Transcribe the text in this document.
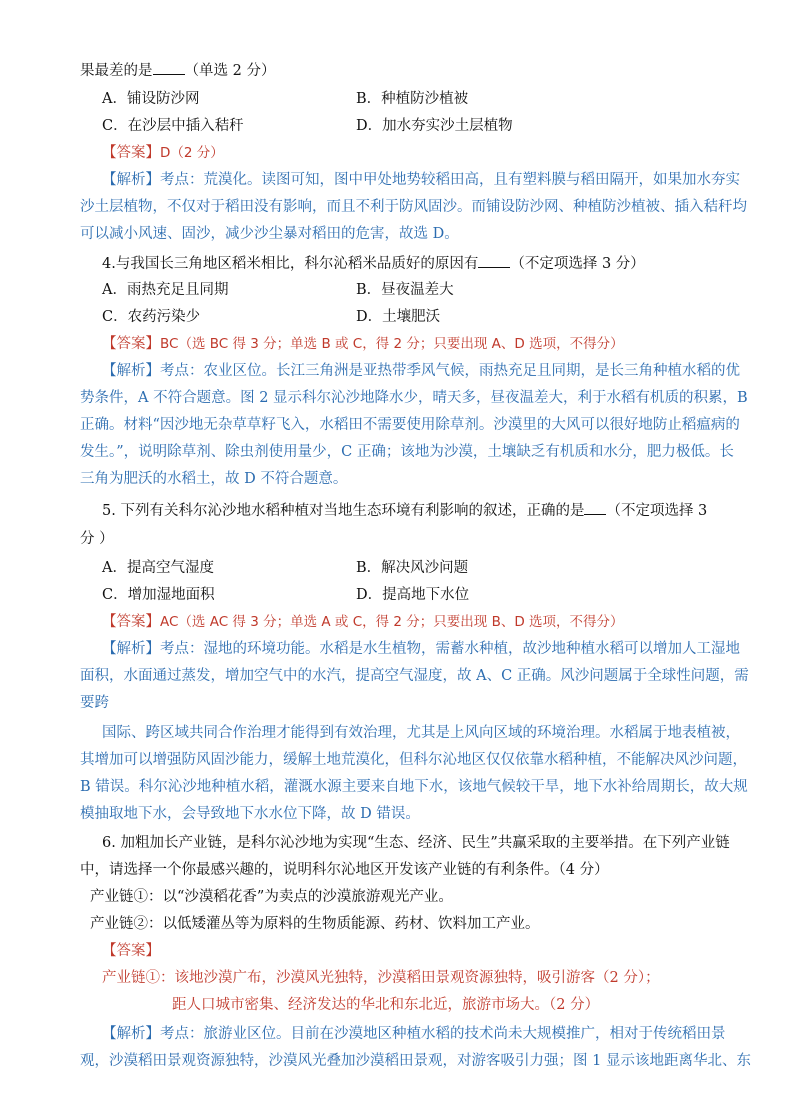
果最差的是 （单选 2 分）
A．铺设防沙网	B．种植防沙植被
C．在沙层中插入秸秆	D．加水夯实沙土层植物
【答案】D（2 分）
【解析】考点：荒漠化。读图可知，图中甲处地势较稻田高，且有塑料膜与稻田隔开，如果加水夯实
沙土层植物，不仅对于稻田没有影响，而且不利于防风固沙。而铺设防沙网、种植防沙植被、插入秸秆均
可以减小风速、固沙，减少沙尘暴对稻田的危害，故选 D。
4.与我国长三角地区稻米相比，科尔沁稻米品质好的原因有 （不定项选择 3 分）
A．雨热充足且同期	B．昼夜温差大
C．农药污染少	D．土壤肥沃
【答案】BC（选 BC 得 3 分；单选 B 或 C，得 2 分；只要出现 A、D 选项，不得分）
【解析】考点：农业区位。长江三角洲是亚热带季风气候，雨热充足且同期，是长三角种植水稻的优
势条件，A 不符合题意。图 2 显示科尔沁沙地降水少，晴天多，昼夜温差大，利于水稻有机质的积累，B
正确。材料“因沙地无杂草草籽飞入，水稻田不需要使用除草剂。沙漠里的大风可以很好地防止稻瘟病的
发生。”，说明除草剂、除虫剂使用量少，C 正确；该地为沙漠，土壤缺乏有机质和水分，肥力极低。长
三角为肥沃的水稻土，故 D 不符合题意。
5. 下列有关科尔沁沙地水稻种植对当地生态环境有利影响的叙述，正确的是 （不定项选择 3
分 ）
A．提高空气湿度	B．解决风沙问题
C．增加湿地面积	D．提高地下水位
【答案】AC（选 AC 得 3 分；单选 A 或 C，得 2 分；只要出现 B、D 选项，不得分）
【解析】考点：湿地的环境功能。水稻是水生植物，需蓄水种植，故沙地种植水稻可以增加人工湿地
面积，水面通过蒸发，增加空气中的水汽，提高空气湿度，故 A、C 正确。风沙问题属于全球性问题，需
要跨
国际、跨区域共同合作治理才能得到有效治理，尤其是上风向区域的环境治理。水稻属于地表植被，
其增加可以增强防风固沙能力，缓解土地荒漠化，但科尔沁地区仅仅依靠水稻种植，不能解决风沙问题，
B 错误。科尔沁沙地种植水稻，灌溉水源主要来自地下水，该地气候较干旱，地下水补给周期长，故大规
模抽取地下水，会导致地下水水位下降，故 D 错误。
6. 加粗加长产业链，是科尔沁沙地为实现“生态、经济、民生”共赢采取的主要举措。在下列产业链
中，请选择一个你最感兴趣的，说明科尔沁地区开发该产业链的有利条件。（4 分）
产业链①：以“沙漠稻花香”为卖点的沙漠旅游观光产业。
产业链②：以低矮灌丛等为原料的生物质能源、药材、饮料加工产业。
【答案】
产业链①：该地沙漠广布，沙漠风光独特，沙漠稻田景观资源独特，吸引游客（2 分）；
距人口城市密集、经济发达的华北和东北近，旅游市场大。（2 分）
【解析】考点：旅游业区位。目前在沙漠地区种植水稻的技术尚未大规模推广，相对于传统稻田景
观，沙漠稻田景观资源独特，沙漠风光叠加沙漠稻田景观，对游客吸引力强；图 1 显示该地距离华北、东
